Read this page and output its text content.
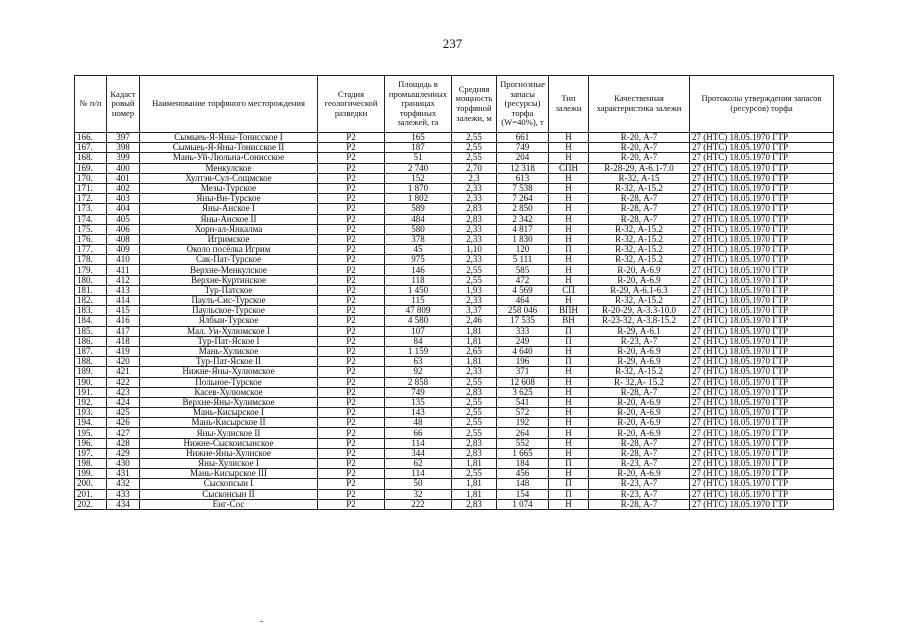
237
№ п/п	Кадаст ровый номер	Наименование торфяного месторождения	Стадия геологической разведки	Площадь в промышленных границах торфяных залежей, га	Средняя мощность торфяной залежи, м	Прогнозные запасы (ресурсы) торфа (W=40%), т	Тип залежи	Качественная характеристика залежи	Протоколы утверждения запасов (ресурсов) торфа
166.	397	Сымыеь-Я-Яны-Тонисское I	Р2	165	2,55	661	Н	R-20, А-7	27 (НТС) 18.05.1970 ГТР
167.	398	Сымыеь-Я-Яны-Тонисское II	Р2	187	2,55	749	Н	R-20, А-7	27 (НТС) 18.05.1970 ГТР
168.	399	Мань-Уй-Люльна-Сонисское	Р2	51	2,55	204	Н	R-20, А-7	27 (НТС) 18.05.1970 ГТР
169.	400	Менкулское	Р2	2 740	2,70	12 318	СПН	R-28-29, А-6.1-7.0	27 (НТС) 18.05.1970 ГТР
170.	401	Хултэв-Сул-Сощмское	Р2	152	2,3	613	Н	R-32, А-15	27 (НТС) 18.05.1970 ГТР
171.	402	Мезы-Турское	Р2	1 870	2,33	7 538	Н	R-32, А-15.2	27 (НТС) 18.05.1970 ГТР
172.	403	Яны-Вн-Турское	Р2	1 802	2,33	7 264	Н	R-28, А-7	27 (НТС) 18.05.1970 ГТР
173.	404	Яны-Анское I	Р2	589	2,83	2 850	Н	R-28, А-7	27 (НТС) 18.05.1970 ГТР
174.	405	Яны-Анское II	Р2	484	2,83	2 342	Н	R-28, А-7	27 (НТС) 18.05.1970 ГТР
175.	406	Хорн-ал-Янкалма	Р2	580	2,33	4 817	Н	R-32, А-15.2	27 (НТС) 18.05.1970 ГТР
176.	408	Игримское	Р2	378	2,33	1 830	Н	R-32, А-15.2	27 (НТС) 18.05.1970 ГТР
177.	409	Около посёлка Игрим	Р2	45	1,10	120	П	R-32, А-15.2	27 (НТС) 18.05.1970 ГТР
178.	410	Сак-Пат-Турское	Р2	975	2,33	5 111	Н	R-32, А-15.2	27 (НТС) 18.05.1970 ГТР
179.	411	Верхне-Менкулское	Р2	146	2,55	585	Н	R-20, А-6.9	27 (НТС) 18.05.1970 ГТР
180.	412	Верхне-Куртинское	Р2	118	2,55	472	Н	R-20, А-6.9	27 (НТС) 18.05.1970 ГТР
181.	413	Тур-Патское	Р2	1 450	1,93	4 569	СП	R-29, А-6.1-6.3	27 (НТС) 18.05.1970 ГТР
182.	414	Пауль-Сис-Турское	Р2	115	2,33	464	Н	R-32, А-15.2	27 (НТС) 18.05.1970 ГТР
183.	415	Паульское-Турское	Р2	47 809	3,37	258 046	ВПН	R-20-29, А-3.3-10.0	27 (НТС) 18.05.1970 ГТР
184.	416	Ялбыи-Турское	Р2	4 580	2,46	17 535	ВН	R-23-32, А-3.8-15.2	27 (НТС) 18.05.1970 ГТР
185.	417	Мал. Уи-Хулюмское I	Р2	107	1,81	333	П	R-29, А-6.1	27 (НТС) 18.05.1970 ГТР
186.	418	Тур-Пат-Яское I	Р2	84	1,81	249	П	R-23, А-7	27 (НТС) 18.05.1970 ГТР
187.	419	Мань-Хулиское	Р2	1 159	2,65	4 640	Н	R-20, А-6.9	27 (НТС) 18.05.1970 ГТР
188.	420	Тур-Пат-Яское II	Р2	63	1,81	196	П	R-29, А-6.9	27 (НТС) 18.05.1970 ГТР
189.	421	Нижне-Яны-Хулюмское	Р2	92	2,33	371	Н	R-32, А-15.2	27 (НТС) 18.05.1970 ГТР
190.	422	Польное-Турское	Р2	2 858	2,55	12 608	Н	R- 32,А- 15.2	27 (НТС) 18.05.1970 ГТР
191.	423	Касев-Хулюмское	Р2	749	2,83	3 625	Н	R-28, А-7	27 (НТС) 18.05.1970 ГТР
192.	424	Верхне-Яны-Хулимское	Р2	135	2,55	541	Н	R-20, А-6.9	27 (НТС) 18.05.1970 ГТР
193.	425	Мань-Кисырское I	Р2	143	2,55	572	Н	R-20, А-6.9	27 (НТС) 18.05.1970 ГТР
194.	426	Мань-Кисырское II	Р2	48	2,55	192	Н	R-20, А-6.9	27 (НТС) 18.05.1970 ГТР
195.	427	Яны-Хулиское II	Р2	66	2,55	264	Н	R-20, А-6.9	27 (НТС) 18.05.1970 ГТР
196.	428	Нижне-Сыскоисынское	Р2	114	2,83	552	Н	R-28, А-7	27 (НТС) 18.05.1970 ГТР
197.	429	Нижне-Яны-Хулиское	Р2	344	2,83	1 665	Н	R-28, А-7	27 (НТС) 18.05.1970 ГТР
198.	430	Яны-Хулиское I	Р2	62	1,81	184	П	R-23, А-7	27 (НТС) 18.05.1970 ГТР
199.	431	Мань-Кисырское III	Р2	114	2,55	456	Н	R-20, А-6.9	27 (НТС) 18.05.1970 ГТР
200.	432	Сыскопсын I	Р2	50	1,81	148	П	R-23, А-7	27 (НТС) 18.05.1970 ГТР
201.	433	Сысконсын II	Р2	32	1,81	154	П	R-23, А-7	27 (НТС) 18.05.1970 ГТР
202.	434	Енг-Сос	Р2	222	2,83	1 074	Н	R-28, А-7	27 (НТС) 18.05.1970 ГТР
